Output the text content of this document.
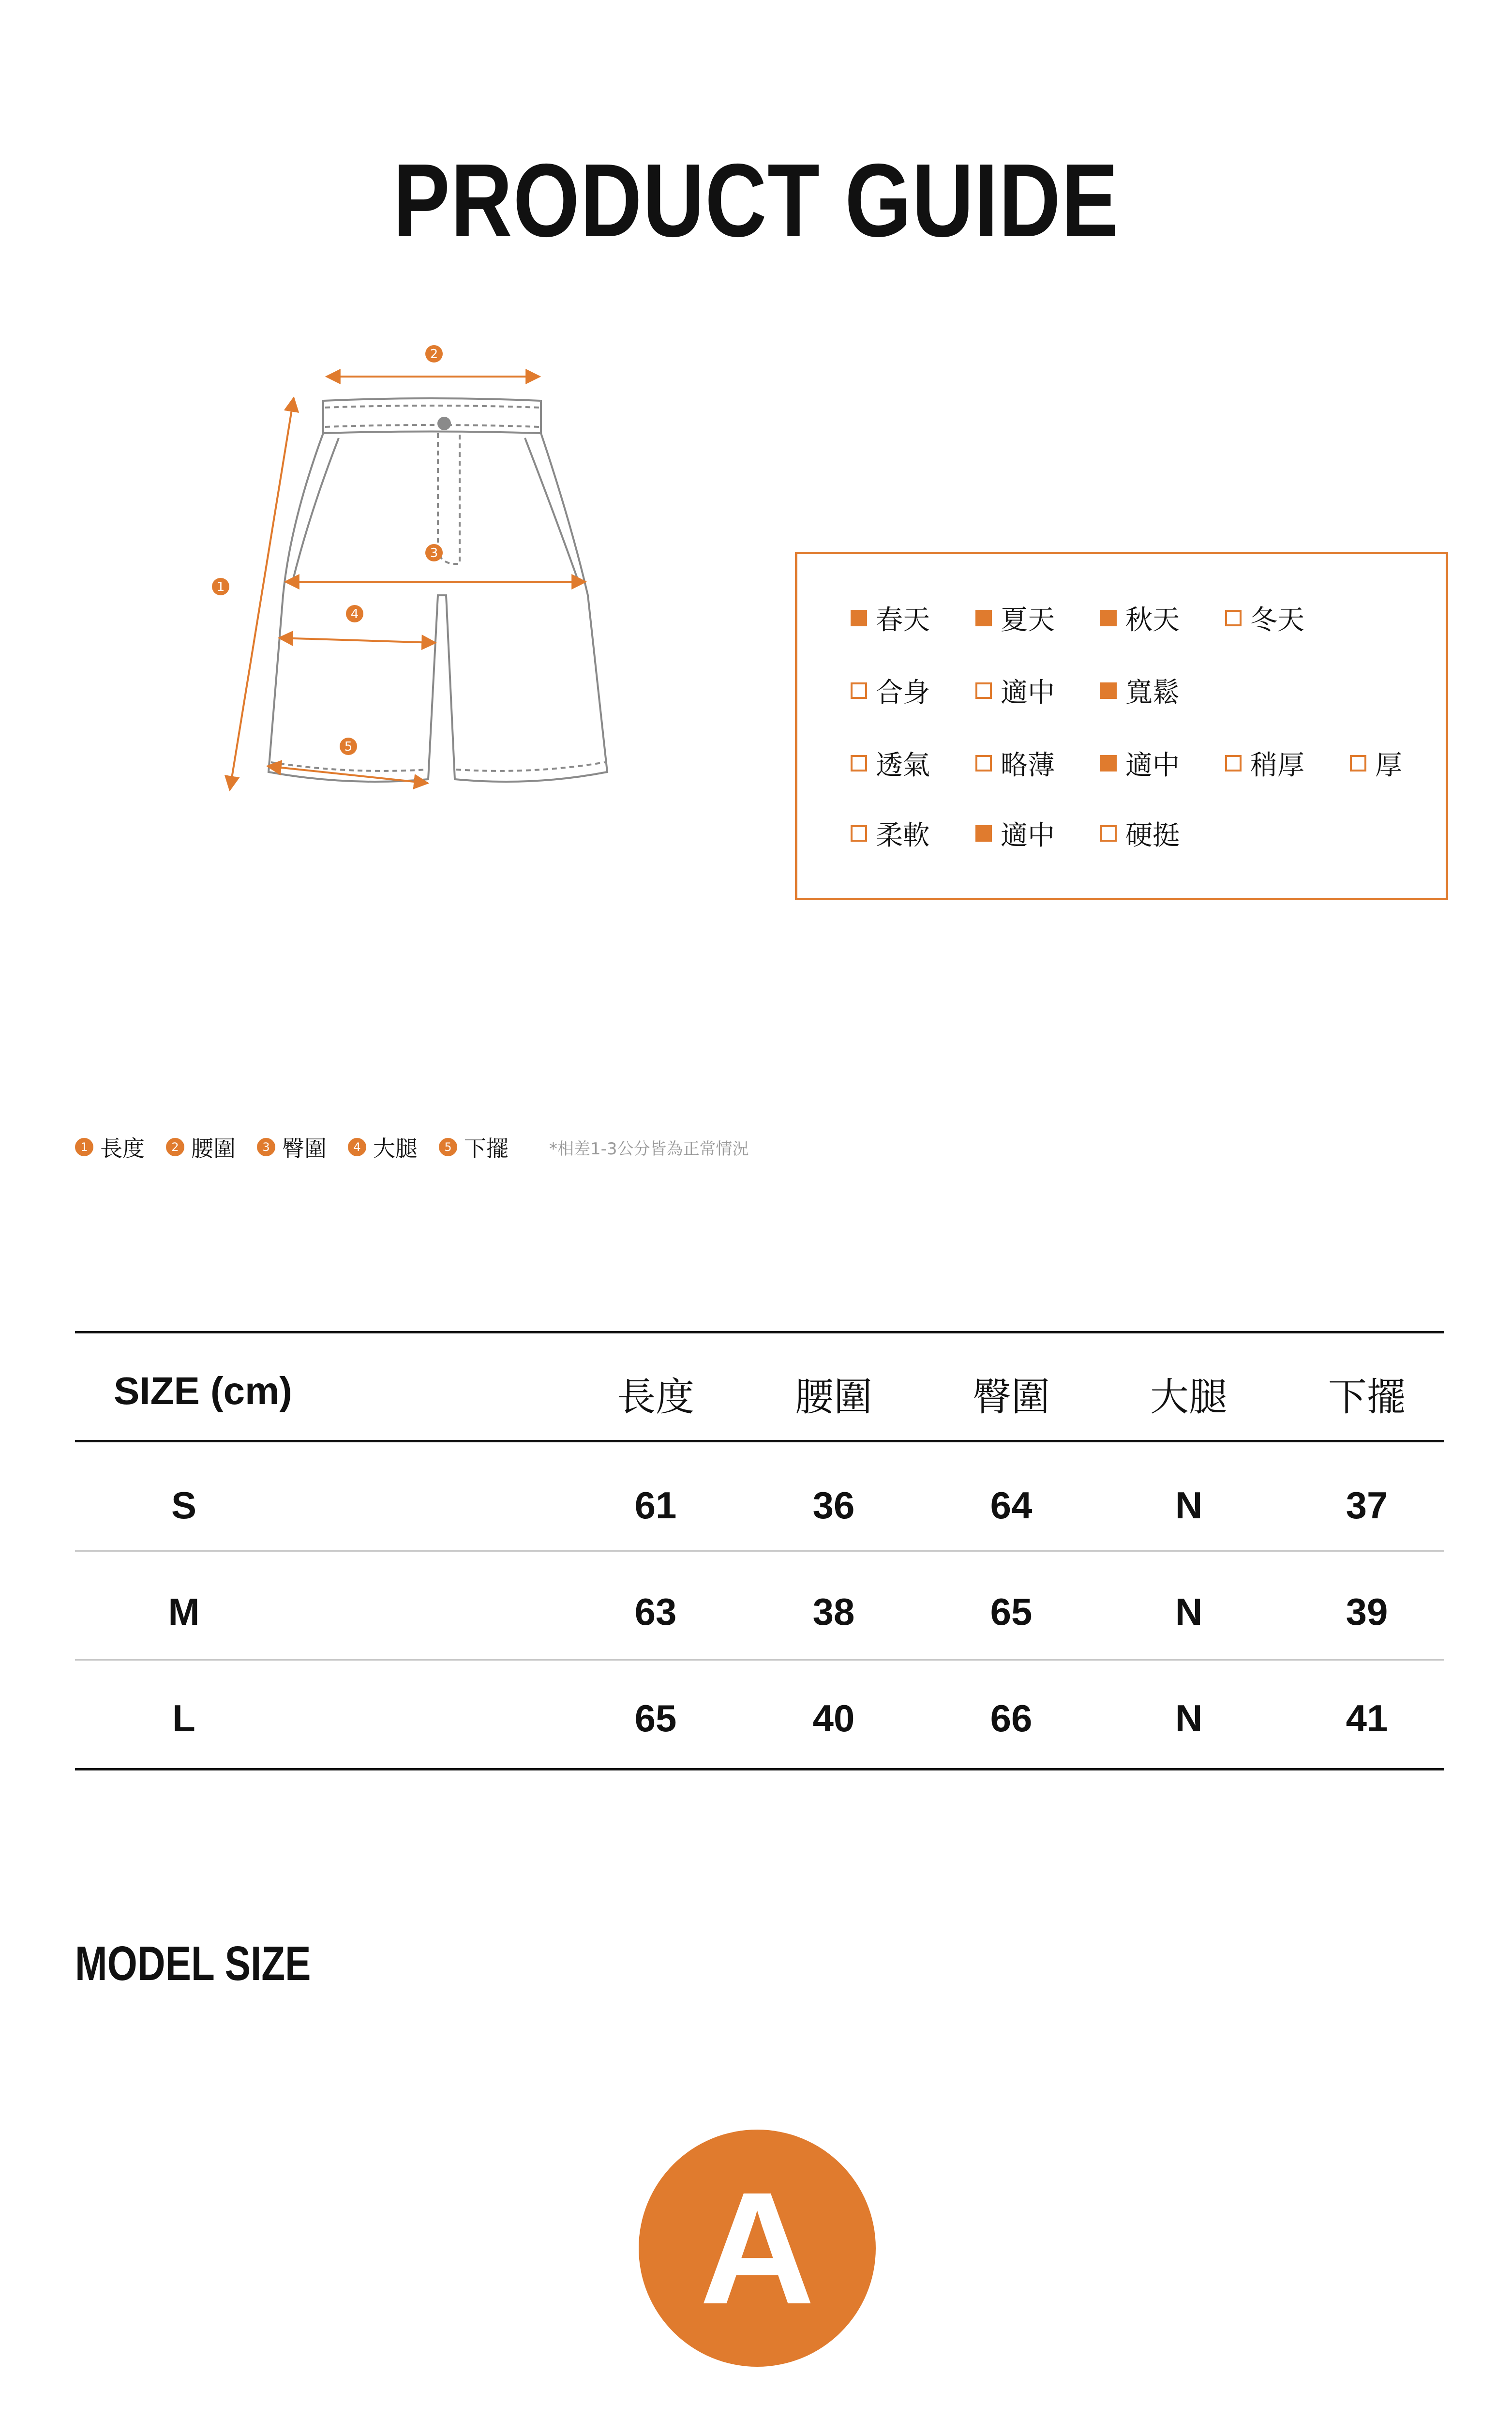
PRODUCT GUIDE
1
2
3
4
5
春天	夏天	秋天	冬天
合身	適中	寬鬆
透氣	略薄	適中	稍厚	厚
柔軟	適中	硬挺
1 長度	2 腰圍	3 臀圍	4 大腿	5 下擺 *相差1-3公分皆為正常情況
SIZE (cm)	長度	腰圍	臀圍	大腿	下擺
S	61	36	64	N	37
M	63	38	65	N	39
L	65	40	66	N	41
MODEL SIZE
A
